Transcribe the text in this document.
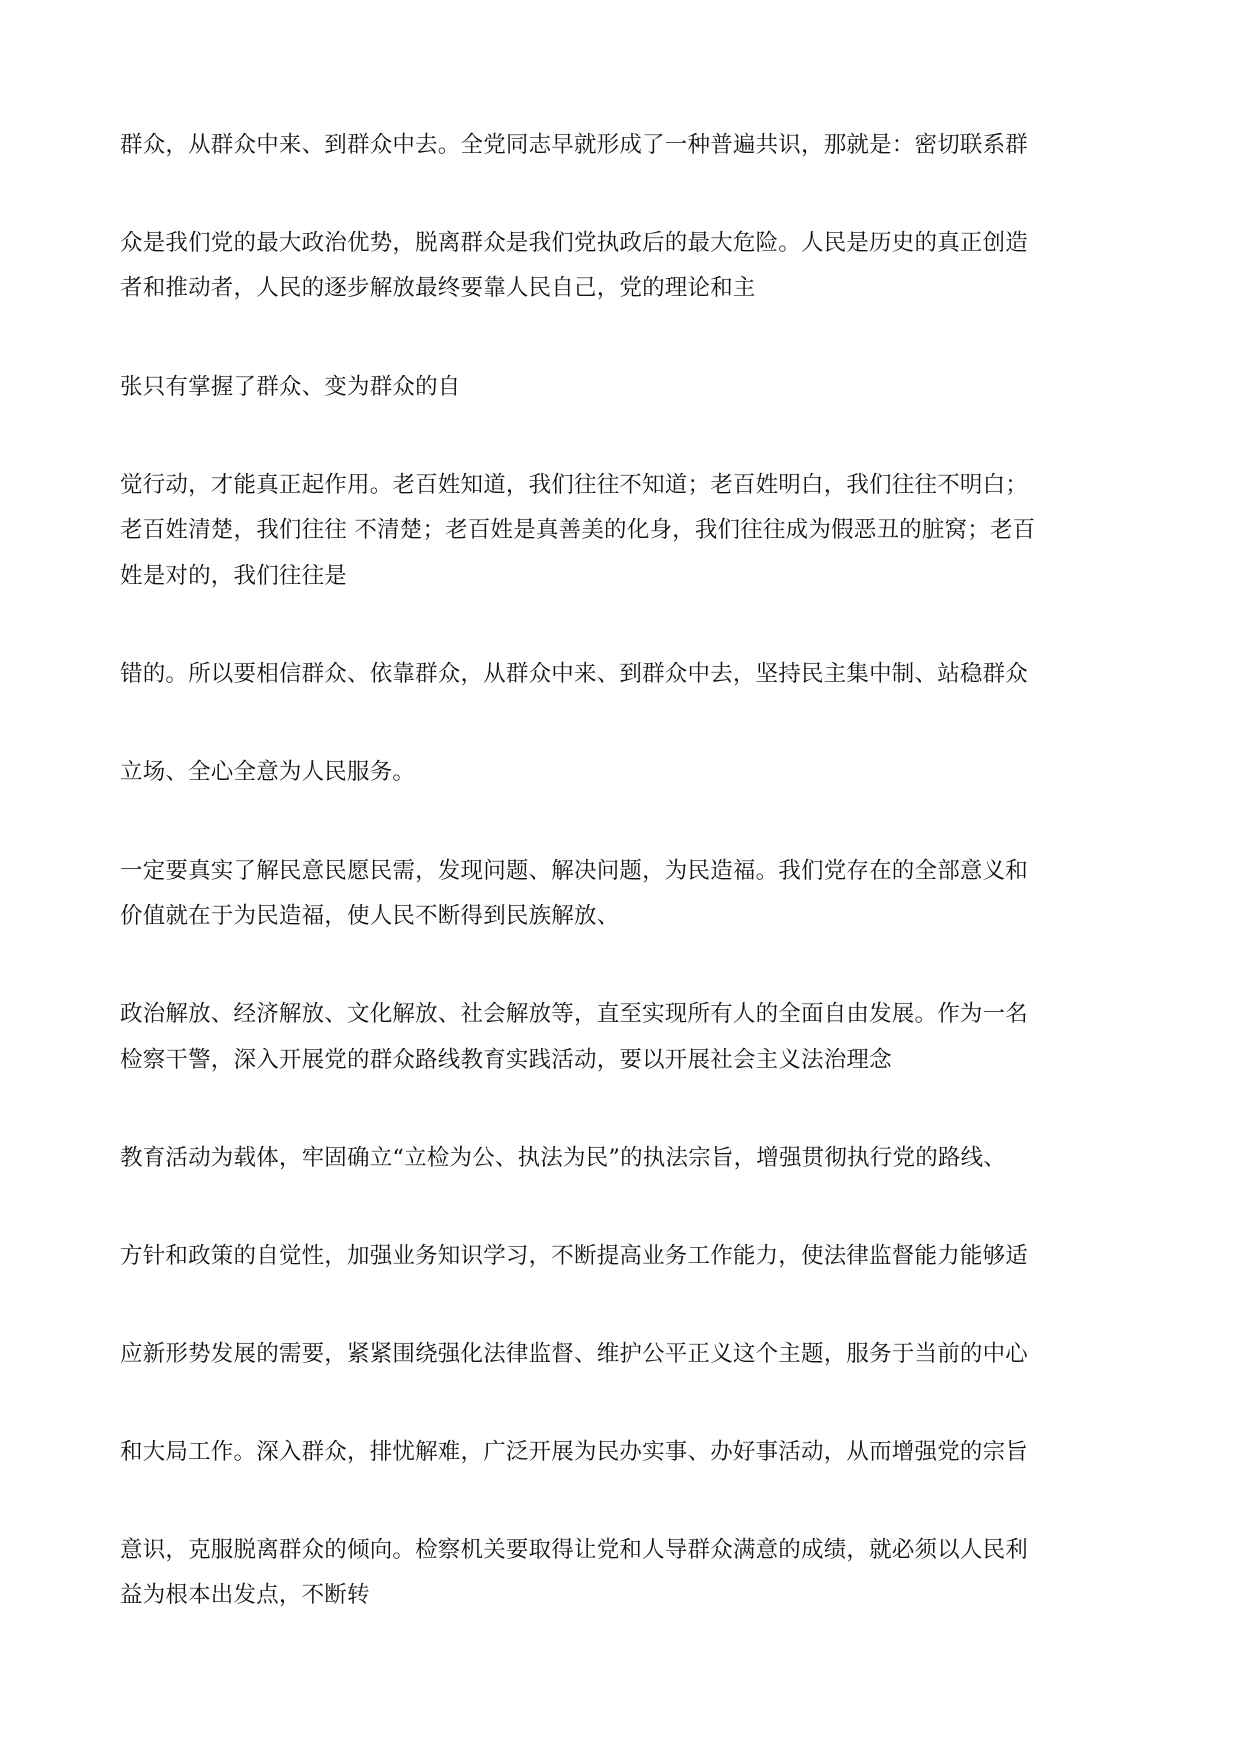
群众，从群众中来、到群众中去。全党同志早就形成了一种普遍共识，那就是：密切联系群
众是我们党的最大政治优势，脱离群众是我们党执政后的最大危险。人民是历史的真正创造
者和推动者，人民的逐步解放最终要靠人民自己，党的理论和主
张只有掌握了群众、变为群众的自
觉行动，才能真正起作用。老百姓知道，我们往往不知道；老百姓明白，我们往往不明白；
老百姓清楚，我们往往 不清楚；老百姓是真善美的化身，我们往往成为假恶丑的脏窝；老百
姓是对的，我们往往是
错的。所以要相信群众、依靠群众，从群众中来、到群众中去，坚持民主集中制、站稳群众
立场、全心全意为人民服务。
一定要真实了解民意民愿民需，发现问题、解决问题，为民造福。我们党存在的全部意义和
价值就在于为民造福，使人民不断得到民族解放、
政治解放、经济解放、文化解放、社会解放等，直至实现所有人的全面自由发展。作为一名
检察干警，深入开展党的群众路线教育实践活动，要以开展社会主义法治理念
教育活动为载体，牢固确立“立检为公、执法为民”的执法宗旨，增强贯彻执行党的路线、
方针和政策的自觉性，加强业务知识学习，不断提高业务工作能力，使法律监督能力能够适
应新形势发展的需要，紧紧围绕强化法律监督、维护公平正义这个主题，服务于当前的中心
和大局工作。深入群众，排忧解难，广泛开展为民办实事、办好事活动，从而增强党的宗旨
意识，克服脱离群众的倾向。检察机关要取得让党和人导群众满意的成绩，就必须以人民利
益为根本出发点，不断转
